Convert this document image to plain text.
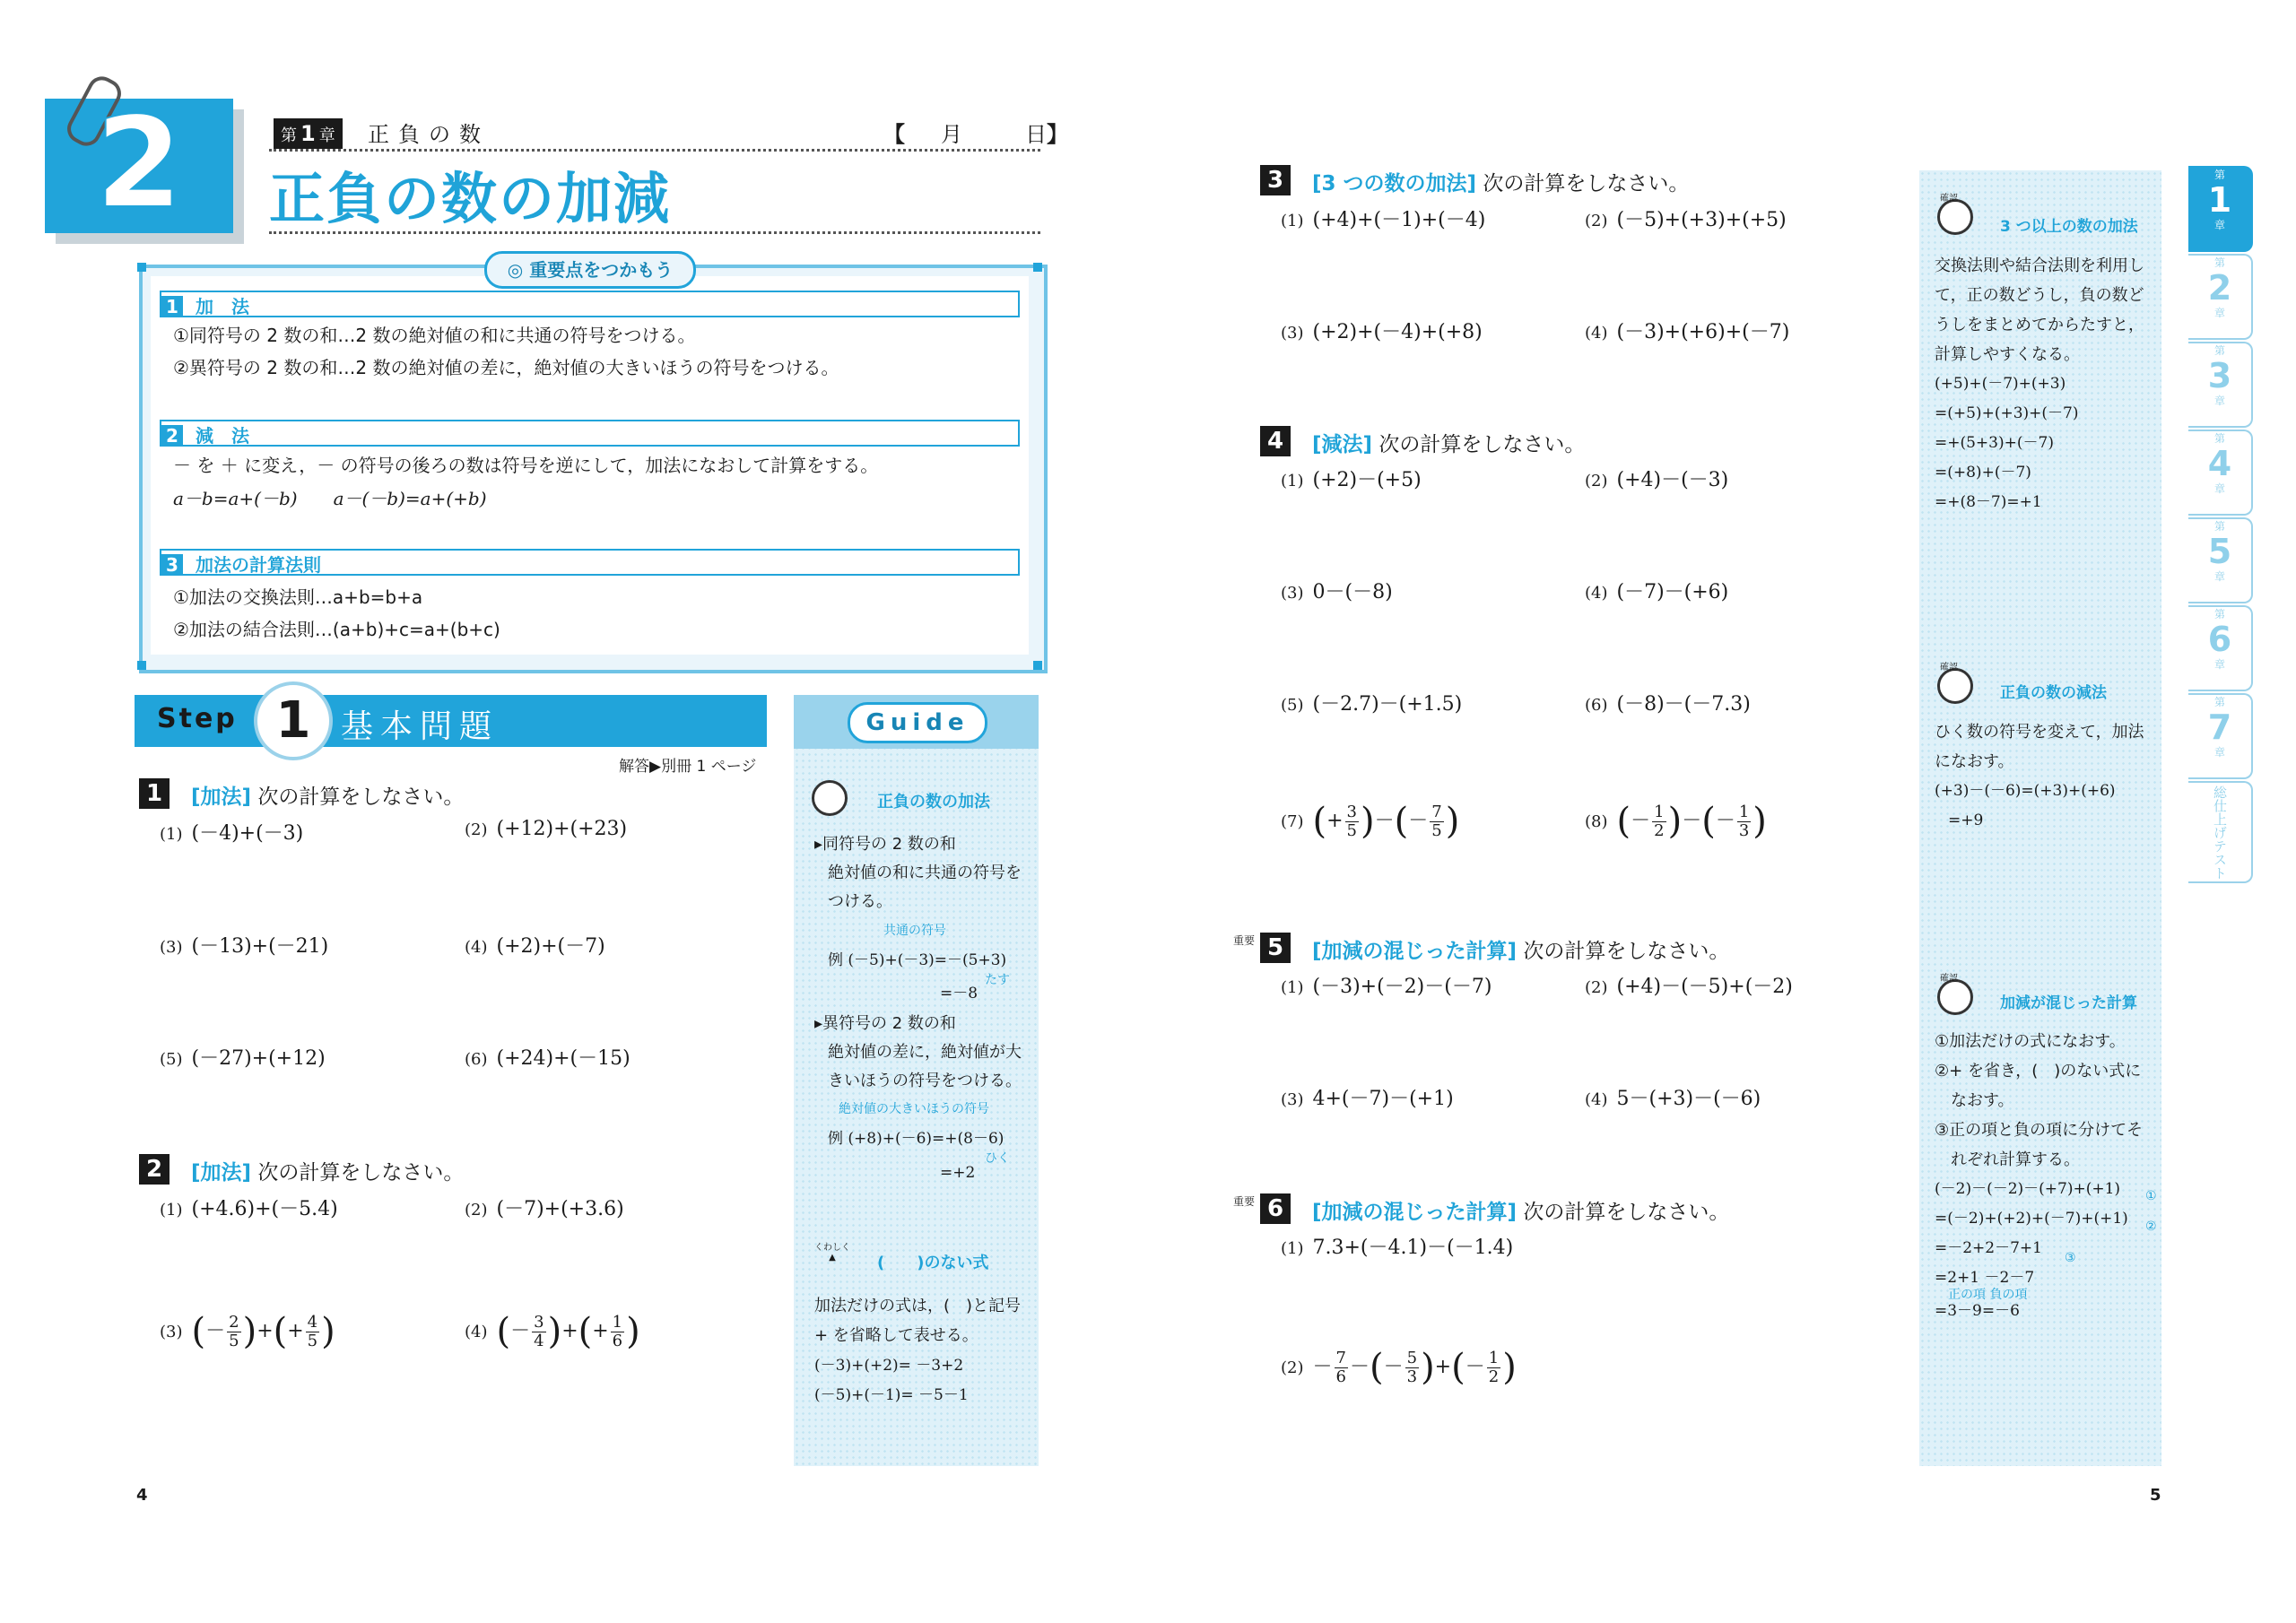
2	第 1 章	正負の数	【 月	日】
正負の数の加減
◎ 重要点をつかもう
1 加　法
①同符号の 2 数の和…2 数の絶対値の和に共通の符号をつける。
②異符号の 2 数の和…2 数の絶対値の差に，絶対値の大きいほうの符号をつける。
2 減　法
－ を ＋ に変え，－ の符号の後ろの数は符号を逆にして，加法になおして計算をする。
a－b=a+(－b)　　a－(－b)=a+(+b)
3 加法の計算法則
①加法の交換法則…a+b=b+a
②加法の結合法則…(a+b)+c=a+(b+c)
Step 1 基本問題
解答▶別冊 1 ページ
1	[加法] 次の計算をしなさい。
(1) (－4)+(－3)	(2) (+12)+(+23)
(3) (－13)+(－21)	(4) (+2)+(－7)
(5) (－27)+(+12)	(6) (+24)+(－15)
2	[加法] 次の計算をしなさい。
(1) (+4.6)+(－5.4)	(2) (－7)+(+3.6)
(3) (－ $\frac{2}{5}$ )+(+ $\frac{4}{5}$ )	(4) (－ $\frac{3}{4}$ )+(+ $\frac{1}{6}$ )
Guide
正負の数の加法
▸同符号の 2 数の和
絶対値の和に共通の符号を
つける。
共通の符号
例 (－5)+(－3)=－(5+3)
たす
=－8
▸異符号の 2 数の和
絶対値の差に，絶対値が大
きいほうの符号をつける。
絶対値の大きいほうの符号
例 (+8)+(－6)=+(8－6)
ひく
=+2
くわしく
▲	(　　)のない式
加法だけの式は，(　)と記号
+ を省略して表せる。
(－3)+(+2)= －3+2
(－5)+(－1)= －5－1
4
3	[3 つの数の加法] 次の計算をしなさい。
(1) (+4)+(－1)+(－4)	(2) (－5)+(+3)+(+5)
(3) (+2)+(－4)+(+8)	(4) (－3)+(+6)+(－7)
4	[減法] 次の計算をしなさい。
(1) (+2)－(+5)	(2) (+4)－(－3)
(3) 0－(－8)	(4) (－7)－(+6)
(5) (－2.7)－(+1.5)	(6) (－8)－(－7.3)
(7) (+ $\frac{3}{5}$ )－(－ $\frac{7}{5}$ )	(8) (－ $\frac{1}{2}$ )－(－ $\frac{1}{3}$ )
重要 5	[加減の混じった計算] 次の計算をしなさい。
(1) (－3)+(－2)－(－7)	(2) (+4)－(－5)+(－2)
(3) 4+(－7)－(+1)	(4) 5－(+3)－(－6)
重要 6	[加減の混じった計算] 次の計算をしなさい。
(1) 7.3+(－4.1)－(－1.4)
$(2) - \frac{7}{6}$ －(－ $\frac{5}{3}$ )+(－ $\frac{1}{2}$ )
確認
3 つ以上の数の加法
交換法則や結合法則を利用し
て，正の数どうし，負の数ど
うしをまとめてからたすと，
計算しやすくなる。
(+5)+(－7)+(+3)
=(+5)+(+3)+(－7)
=+(5+3)+(－7)
=(+8)+(－7)
=+(8－7)=+1
確認
正負の数の減法
ひく数の符号を変えて，加法
になおす。
(+3)－(－6)=(+3)+(+6)
=+9
確認
加減が混じった計算
①加法だけの式になおす。
②+ を省き，(　)のない式に
なおす。
③正の項と負の項に分けてそ
れぞれ計算する。
(－2)－(－2)－(+7)+(+1)
=(－2)+(+2)+(－7)+(+1)
=－2+2－7+1
=2+1 －2－7
正の項 負の項
=3－9=－6
①
②
③
第
1
章
第
2
章
第
3
章
第
4
章
第
5
章
第
6
章
第
7
章
総仕上げテスト
5
